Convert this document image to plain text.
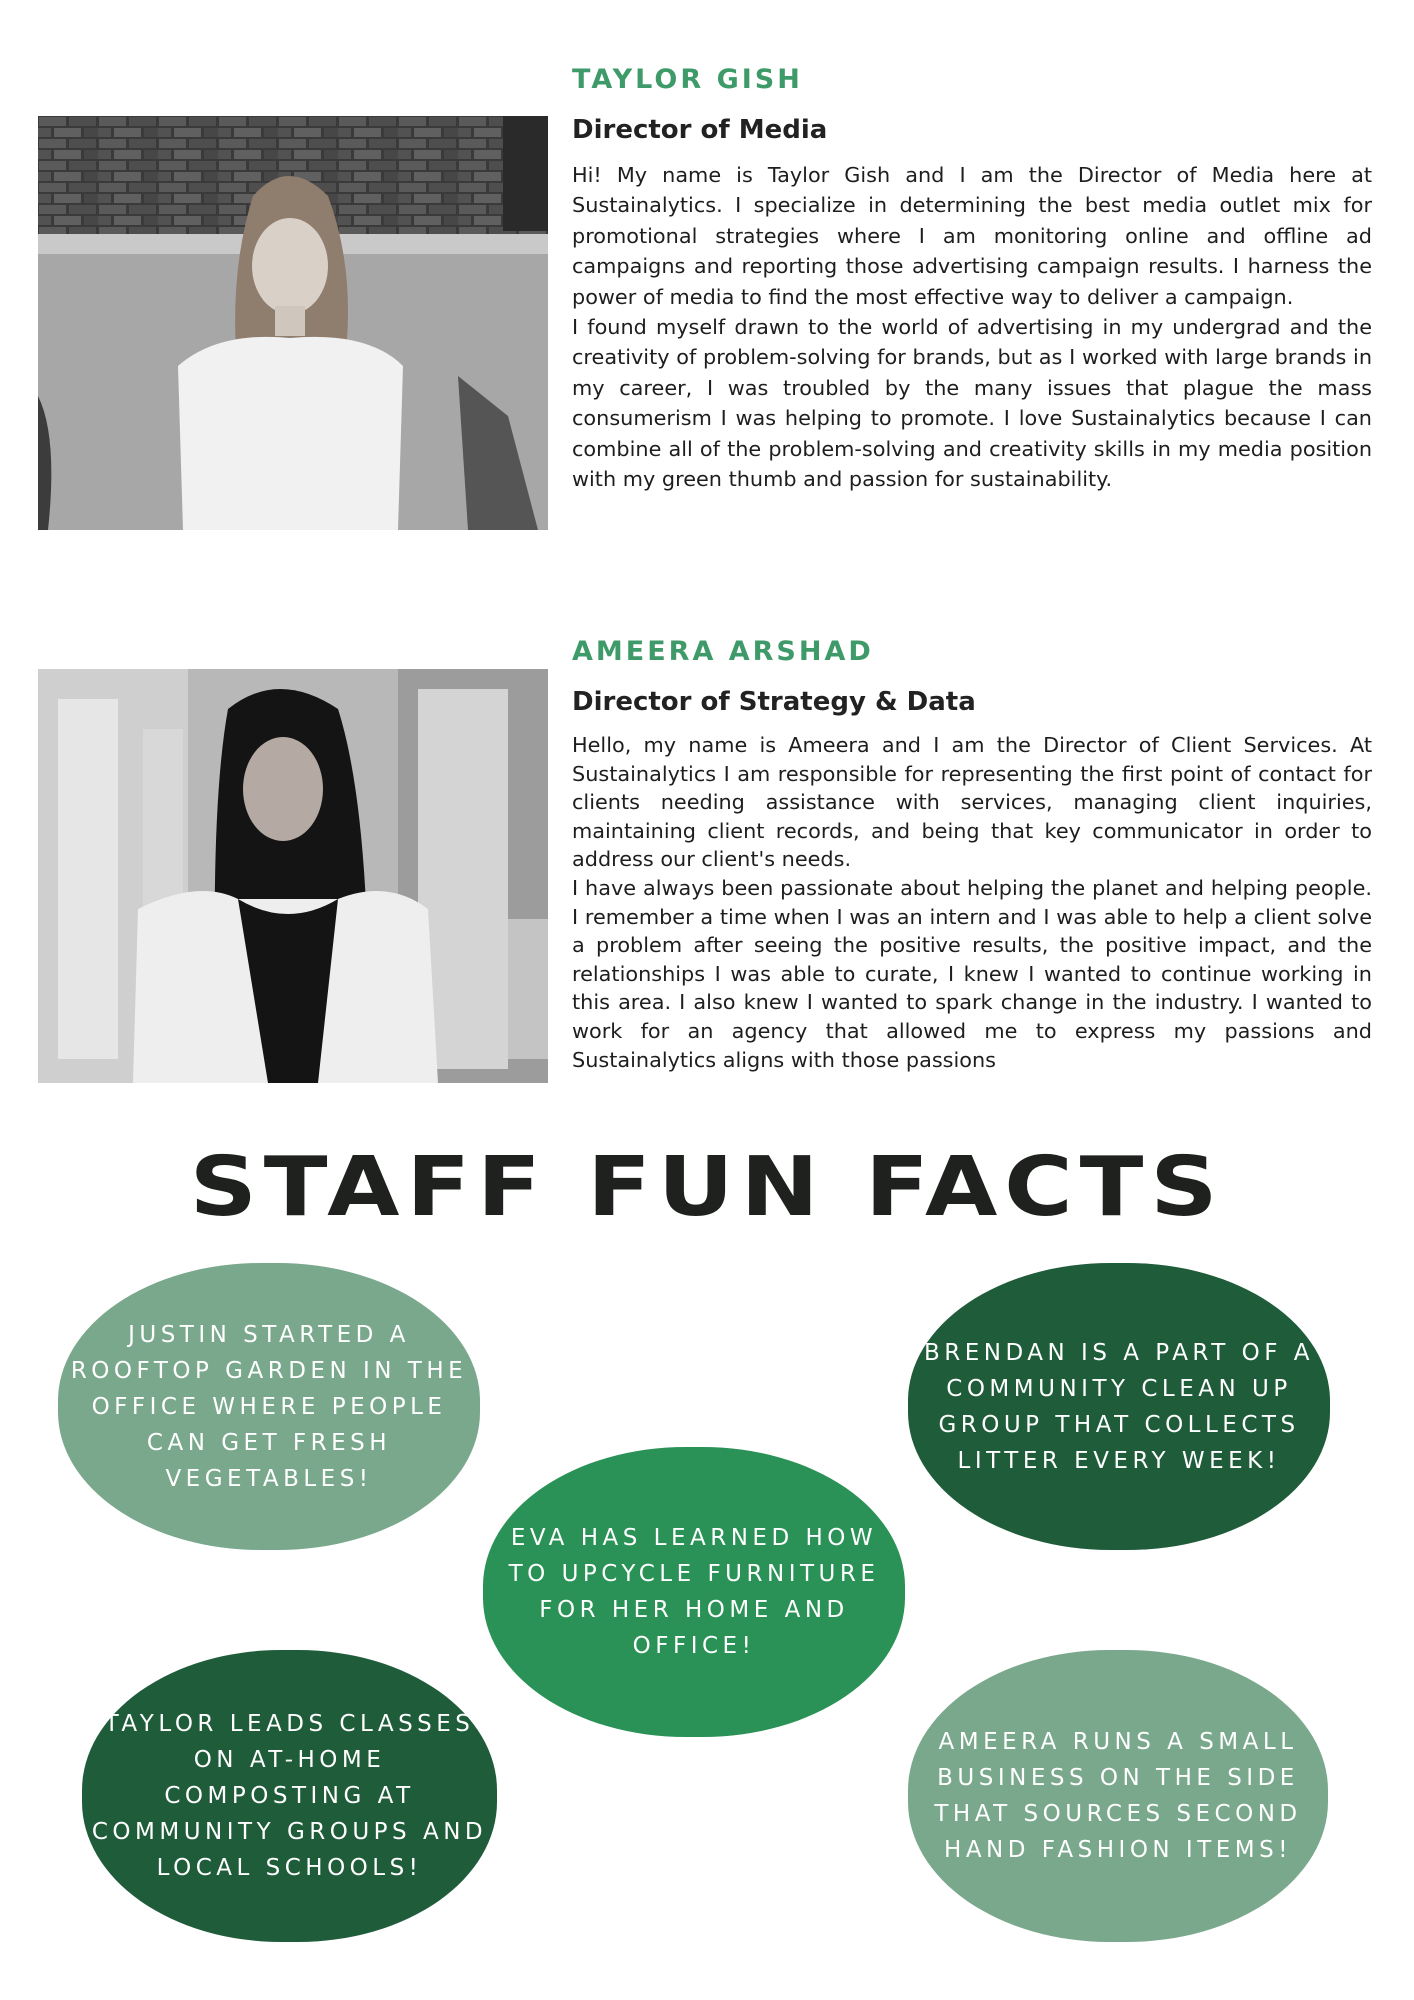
TAYLOR GISH
Director of Media

Hi! My name is Taylor Gish and I am the Director of Media here at Sustainalytics. I specialize in determining the best media outlet mix for promotional strategies where I am monitoring online and offline ad campaigns and reporting those advertising campaign results. I harness the power of media to find the most effective way to deliver a campaign.

I found myself drawn to the world of advertising in my undergrad and the creativity of problem-solving for brands, but as I worked with large brands in my career, I was troubled by the many issues that plague the mass consumerism I was helping to promote. I love Sustainalytics because I can combine all of the problem-solving and creativity skills in my media position with my green thumb and passion for sustainability.

AMEERA ARSHAD
Director of Strategy & Data

Hello, my name is Ameera and I am the Director of Client Services. At Sustainalytics I am responsible for representing the first point of contact for clients needing assistance with services, managing client inquiries, maintaining client records, and being that key communicator in order to address our client's needs.

I have always been passionate about helping the planet and helping people. I remember a time when I was an intern and I was able to help a client solve a problem after seeing the positive results, the positive impact, and the relationships I was able to curate, I knew I wanted to continue working in this area. I also knew I wanted to spark change in the industry. I wanted to work for an agency that allowed me to express my passions and Sustainalytics aligns with those passions

STAFF FUN FACTS
JUSTIN STARTED A ROOFTOP GARDEN IN THE OFFICE WHERE PEOPLE CAN GET FRESH VEGETABLES!
BRENDAN IS A PART OF A COMMUNITY CLEAN UP GROUP THAT COLLECTS LITTER EVERY WEEK!
EVA HAS LEARNED HOW TO UPCYCLE FURNITURE FOR HER HOME AND OFFICE!
TAYLOR LEADS CLASSES ON AT-HOME COMPOSTING AT COMMUNITY GROUPS AND LOCAL SCHOOLS!
AMEERA RUNS A SMALL BUSINESS ON THE SIDE THAT SOURCES SECOND HAND FASHION ITEMS!
